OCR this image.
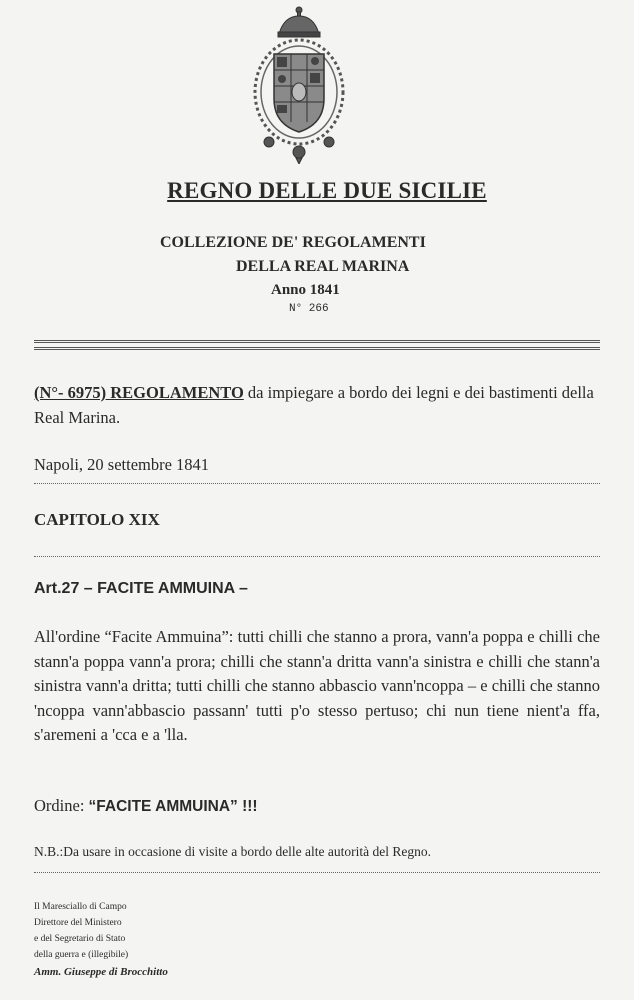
REGNO DELLE DUE SICILIE
COLLEZIONE DE' REGOLAMENTI
DELLA REAL MARINA
Anno 1841
N° 266
(N°- 6975) REGOLAMENTO da impiegare a bordo dei legni e dei bastimenti della Real Marina.
Napoli, 20 settembre 1841
CAPITOLO XIX
Art.27 – FACITE AMMUINA –
All'ordine “Facite Ammuina”: tutti chilli che stanno a prora, vann'a poppa e chilli che stann'a poppa vann'a prora; chilli che stann'a dritta vann'a sinistra e chilli che stann'a sinistra vann'a dritta; tutti chilli che stanno abbascio vann'ncoppa – e chilli che stanno 'ncoppa vann'abbascio passann' tutti p'o stesso pertuso; chi nun tiene nient'a ffa, s'aremeni a 'cca e a 'lla.
Ordine: “FACITE AMMUINA” !!!
N.B.:Da usare in occasione di visite a bordo delle alte autorità del Regno.
Il Maresciallo di Campo
Direttore del Ministero
e del Segretario di Stato
della guerra e (illegibile)
Amm. Giuseppe di Brocchitto
